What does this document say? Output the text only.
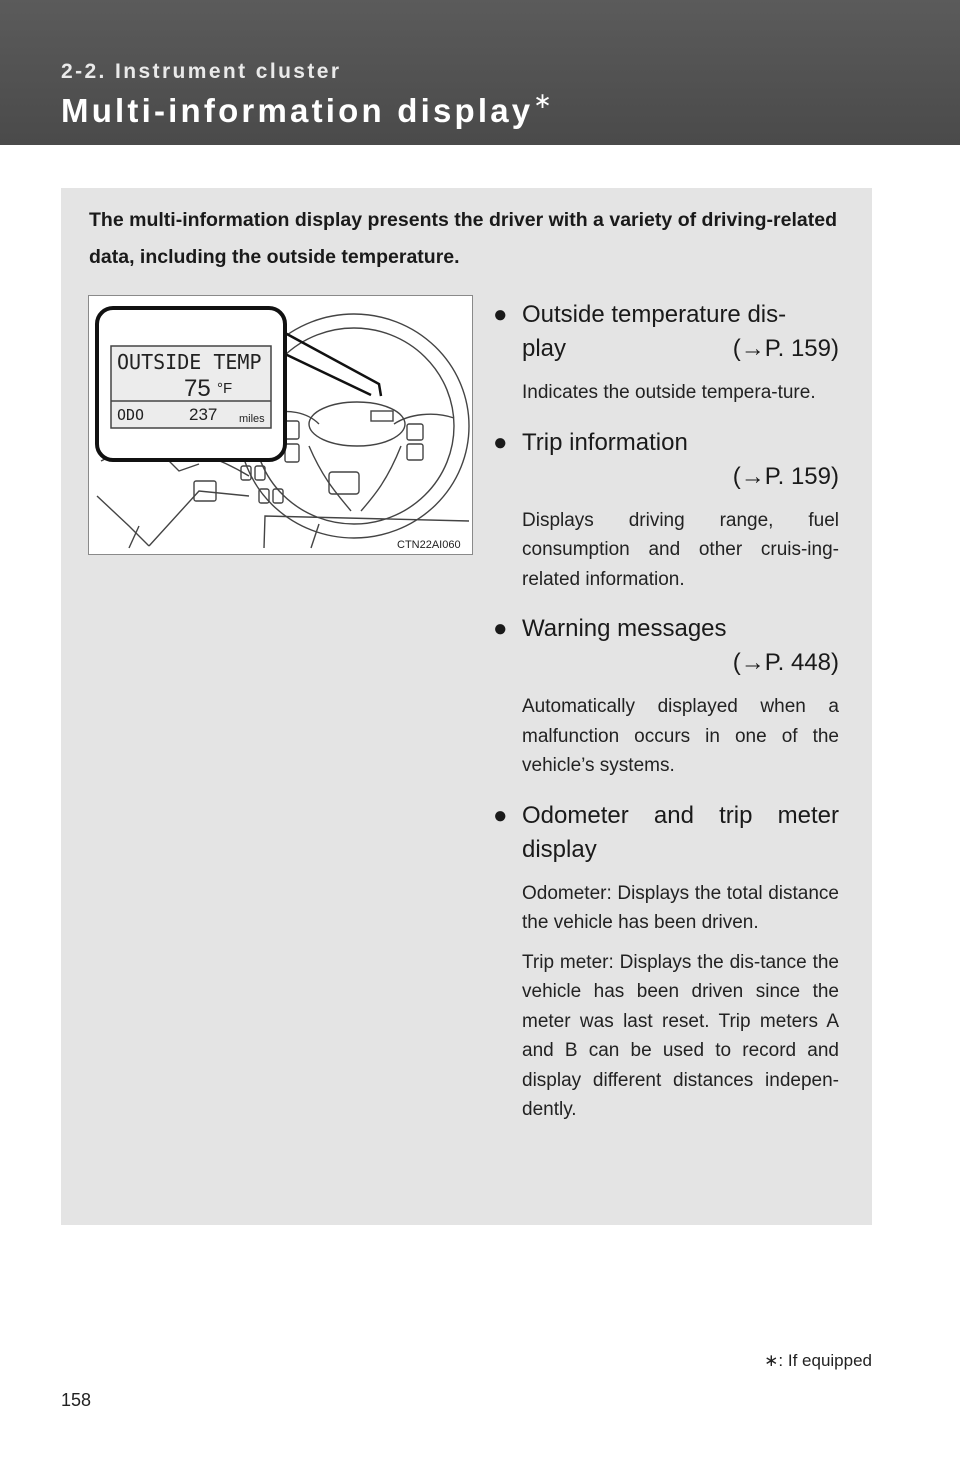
2-2. Instrument cluster

Multi-information display∗

The multi-information display presents the driver with a variety of driving-related data, including the outside temperature.

OUTSIDE TEMP
75 °F
ODO	237 miles
CTN22AI060
● Outside temperature dis-
play	(→P. 159)

Indicates the outside tempera-ture.

● Trip information
(→P. 159)

Displays driving range, fuel consumption and other cruis-ing-related information.

● Warning messages
(→P. 448)

Automatically displayed when a malfunction occurs in one of the vehicle’s systems.

● Odometer and trip meter display

Odometer: Displays the total distance the vehicle has been driven.

Trip meter: Displays the dis-tance the vehicle has been driven since the meter was last reset. Trip meters A and B can be used to record and display different distances indepen-dently.

∗: If equipped

158
